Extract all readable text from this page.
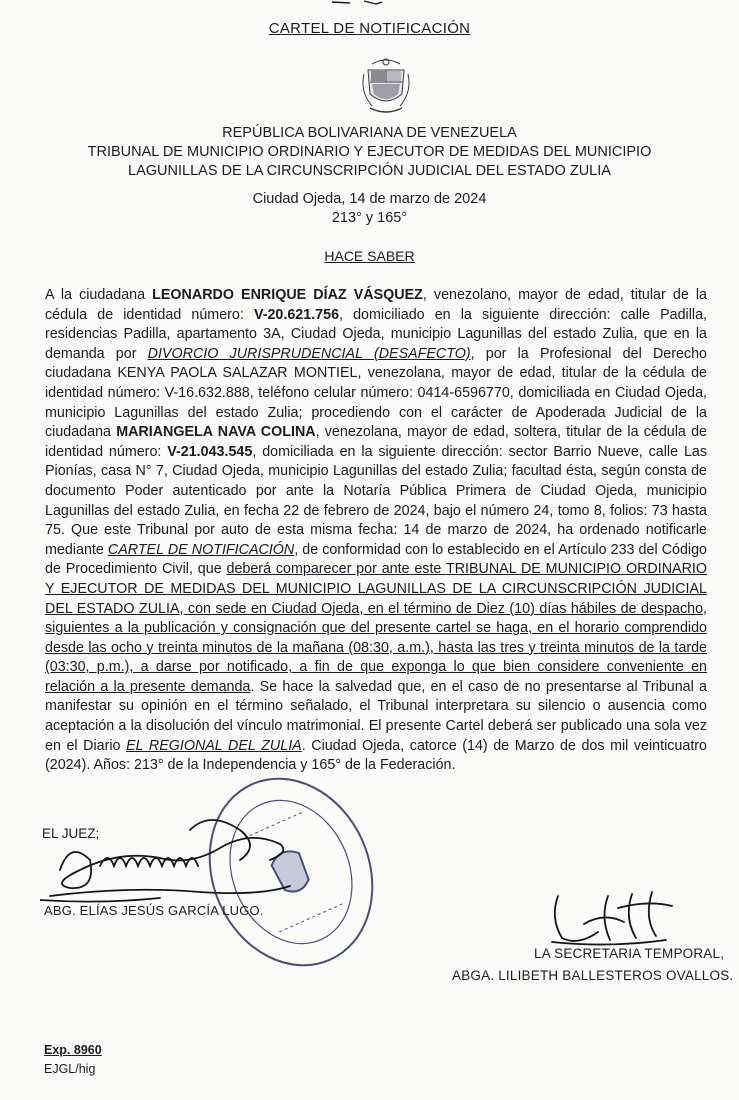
CARTEL DE NOTIFICACIÓN
REPÚBLICA BOLIVARIANA DE VENEZUELA
TRIBUNAL DE MUNICIPIO ORDINARIO Y EJECUTOR DE MEDIDAS DEL MUNICIPIO
LAGUNILLAS DE LA CIRCUNSCRIPCIÓN JUDICIAL DEL ESTADO ZULIA
Ciudad Ojeda, 14 de marzo de 2024
213° y 165°
HACE SABER
A la ciudadana LEONARDO ENRIQUE DÍAZ VÁSQUEZ, venezolano, mayor de edad, titular de la cédula de identidad número: V-20.621.756, domiciliado en la siguiente dirección: calle Padilla, residencias Padilla, apartamento 3A, Ciudad Ojeda, municipio Lagunillas del estado Zulia, que en la demanda por DIVORCIO JURISPRUDENCIAL (DESAFECTO), por la Profesional del Derecho ciudadana KENYA PAOLA SALAZAR MONTIEL, venezolana, mayor de edad, titular de la cédula de identidad número: V-16.632.888, teléfono celular número: 0414-6596770, domiciliada en Ciudad Ojeda, municipio Lagunillas del estado Zulia; procediendo con el carácter de Apoderada Judicial de la ciudadana MARIANGELA NAVA COLINA, venezolana, mayor de edad, soltera, titular de la cédula de identidad número: V-21.043.545, domiciliada en la siguiente dirección: sector Barrio Nueve, calle Las Pionías, casa N° 7, Ciudad Ojeda, municipio Lagunillas del estado Zulia; facultad ésta, según consta de documento Poder autenticado por ante la Notaría Pública Primera de Ciudad Ojeda, municipio Lagunillas del estado Zulia, en fecha 22 de febrero de 2024, bajo el número 24, tomo 8, folios: 73 hasta 75. Que este Tribunal por auto de esta misma fecha: 14 de marzo de 2024, ha ordenado notificarle mediante CARTEL DE NOTIFICACIÓN, de conformidad con lo establecido en el Artículo 233 del Código de Procedimiento Civil, que deberá comparecer por ante este TRIBUNAL DE MUNICIPIO ORDINARIO Y EJECUTOR DE MEDIDAS DEL MUNICIPIO LAGUNILLAS DE LA CIRCUNSCRIPCIÓN JUDICIAL DEL ESTADO ZULIA, con sede en Ciudad Ojeda, en el término de Diez (10) días hábiles de despacho, siguientes a la publicación y consignación que del presente cartel se haga, en el horario comprendido desde las ocho y treinta minutos de la mañana (08:30, a.m.), hasta las tres y treinta minutos de la tarde (03:30, p.m.), a darse por notificado, a fin de que exponga lo que bien considere conveniente en relación a la presente demanda. Se hace la salvedad que, en el caso de no presentarse al Tribunal a manifestar su opinión en el término señalado, el Tribunal interpretara su silencio o ausencia como aceptación a la disolución del vínculo matrimonial. El presente Cartel deberá ser publicado una sola vez en el Diario EL REGIONAL DEL ZULIA. Ciudad Ojeda, catorce (14) de Marzo de dos mil veinticuatro (2024). Años: 213° de la Independencia y 165° de la Federación.
EL JUEZ;
ABG. ELÍAS JESÚS GARCÍA LUGO.
LA SECRETARIA TEMPORAL,
ABGA. LILIBETH BALLESTEROS OVALLOS.
Exp. 8960
EJGL/hig
